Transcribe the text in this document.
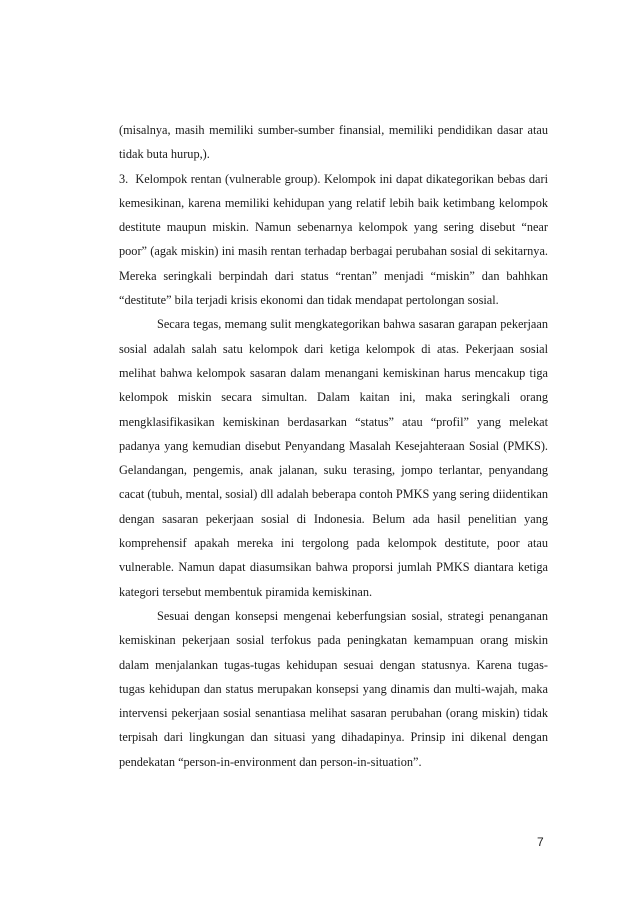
(misalnya, masih memiliki sumber-sumber finansial, memiliki pendidikan dasar atau tidak buta hurup,).

3.  Kelompok rentan (vulnerable group). Kelompok ini dapat dikategorikan bebas dari kemesikinan, karena memiliki kehidupan yang relatif lebih baik ketimbang kelompok destitute maupun miskin. Namun sebenarnya kelompok yang sering disebut “near poor” (agak miskin) ini masih rentan terhadap berbagai perubahan sosial di sekitarnya. Mereka seringkali berpindah dari status “rentan” menjadi “miskin” dan bahhkan “destitute” bila terjadi krisis ekonomi dan tidak mendapat pertolongan sosial.

Secara tegas, memang sulit mengkategorikan bahwa sasaran garapan pekerjaan sosial adalah salah satu kelompok dari ketiga kelompok di atas. Pekerjaan sosial melihat bahwa kelompok sasaran dalam menangani kemiskinan harus mencakup tiga kelompok miskin secara simultan. Dalam kaitan ini, maka seringkali orang mengklasifikasikan kemiskinan berdasarkan “status” atau “profil” yang melekat padanya yang kemudian disebut Penyandang Masalah Kesejahteraan Sosial (PMKS). Gelandangan, pengemis, anak jalanan, suku terasing, jompo terlantar, penyandang cacat (tubuh, mental, sosial) dll adalah beberapa contoh PMKS yang sering diidentikan dengan sasaran pekerjaan sosial di Indonesia. Belum ada hasil penelitian yang komprehensif apakah mereka ini tergolong pada kelompok destitute, poor atau vulnerable. Namun dapat diasumsikan bahwa proporsi jumlah PMKS diantara ketiga kategori tersebut membentuk piramida kemiskinan.

Sesuai dengan konsepsi mengenai keberfungsian sosial, strategi penanganan kemiskinan pekerjaan sosial terfokus pada peningkatan kemampuan orang miskin dalam menjalankan tugas-tugas kehidupan sesuai dengan statusnya. Karena tugas-tugas kehidupan dan status merupakan konsepsi yang dinamis dan multi-wajah, maka intervensi pekerjaan sosial senantiasa melihat sasaran perubahan (orang miskin) tidak terpisah dari lingkungan dan situasi yang dihadapinya. Prinsip ini dikenal dengan pendekatan “person-in-environment dan person-in-situation”.

7
